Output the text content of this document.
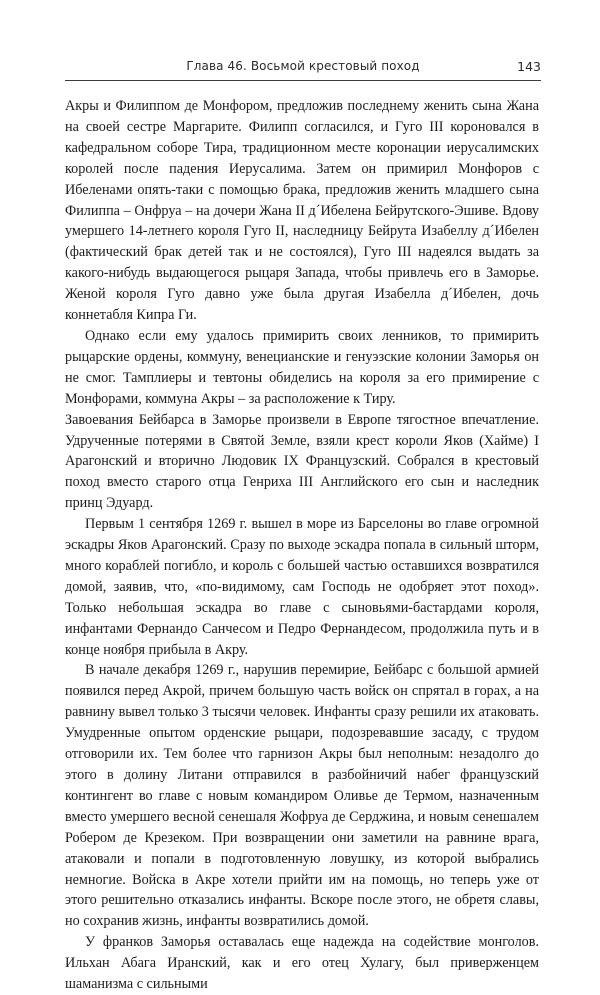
Глава 46. Восьмой крестовый поход	143

Акры и Филиппом де Монфором, предложив последнему женить сына Жана на своей сестре Маргарите. Филипп согласился, и Гуго III короновался в кафедральном соборе Тира, традиционном месте коронации иерусалимских королей после падения Иерусалима. Затем он примирил Монфоров с Ибеленами опять-таки с помощью брака, предложив женить младшего сына Филиппа – Онфруа – на дочери Жана II д´Ибелена Бейрутского-Эшиве. Вдову умершего 14-летнего короля Гуго II, наследницу Бейрута Изабеллу д´Ибелен (фактический брак детей так и не состоялся), Гуго III надеялся выдать за какого-нибудь выдающегося рыцаря Запада, чтобы привлечь его в Заморье. Женой короля Гуго давно уже была другая Изабелла д´Ибелен, дочь коннетабля Кипра Ги.

Однако если ему удалось примирить своих ленников, то примирить рыцарские ордены, коммуну, венецианские и генуэзские колонии Заморья он не смог. Тамплиеры и тевтоны обиделись на короля за его примирение с Монфорами, коммуна Акры – за расположение к Тиру.

Завоевания Бейбарса в Заморье произвели в Европе тягостное впечатление. Удрученные потерями в Святой Земле, взяли крест короли Яков (Хайме) I Арагонский и вторично Людовик IX Французский. Собрался в крестовый поход вместо старого отца Генриха III Английского его сын и наследник принц Эдуард.

Первым 1 сентября 1269 г. вышел в море из Барселоны во главе огромной эскадры Яков Арагонский. Сразу по выходе эскадра попала в сильный шторм, много кораблей погибло, и король с большей частью оставшихся возвратился домой, заявив, что, «по-видимому, сам Господь не одобряет этот поход». Только небольшая эскадра во главе с сыновьями-бастардами короля, инфантами Фернандо Санчесом и Педро Фернандесом, продолжила путь и в конце ноября прибыла в Акру.

В начале декабря 1269 г., нарушив перемирие, Бейбарс с большой армией появился перед Акрой, причем большую часть войск он спрятал в горах, а на равнину вывел только 3 тысячи человек. Инфанты сразу решили их атаковать. Умудренные опытом орденские рыцари, подозревавшие засаду, с трудом отговорили их. Тем более что гарнизон Акры был неполным: незадолго до этого в долину Литани отправился в разбойничий набег французский контингент во главе с новым командиром Оливье де Термом, назначенным вместо умершего весной сенешаля Жофруа де Серджина, и новым сенешалем Робером де Крезеком. При возвращении они заметили на равнине врага, атаковали и попали в подготовленную ловушку, из которой выбрались немногие. Войска в Акре хотели прийти им на помощь, но теперь уже от этого решительно отказались инфанты. Вскоре после этого, не обретя славы, но сохранив жизнь, инфанты возвратились домой.

У франков Заморья оставалась еще надежда на содействие монголов. Ильхан Абага Иранский, как и его отец Хулагу, был приверженцем шаманизма с сильными
